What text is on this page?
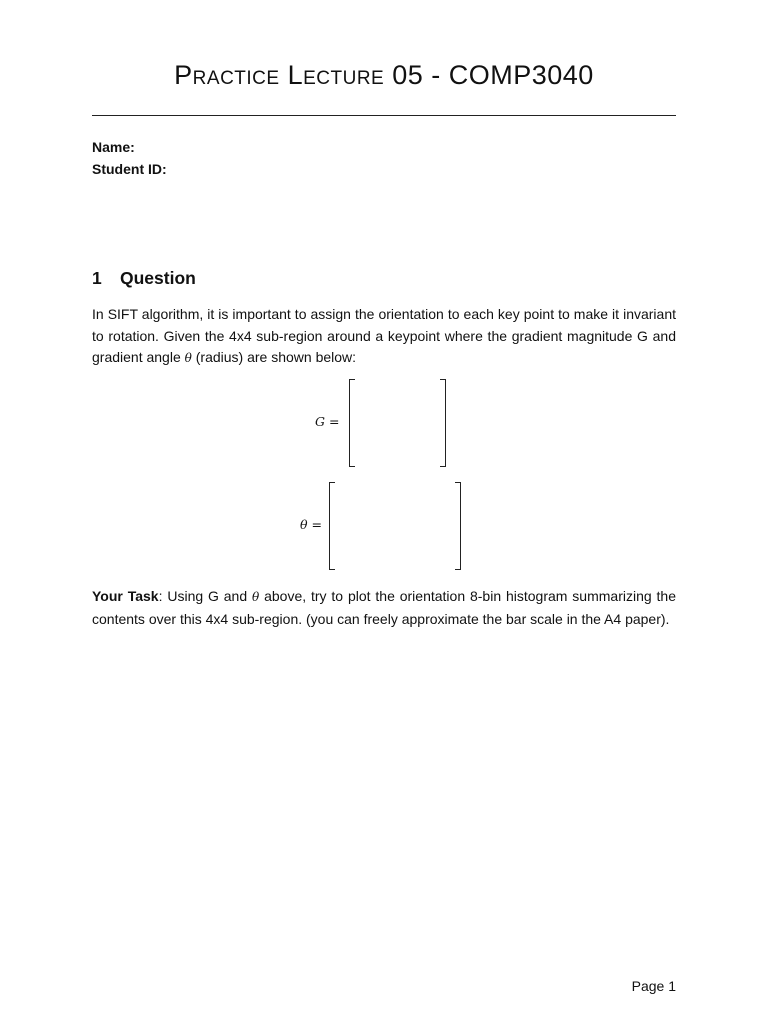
Practice Lecture 05 - COMP3040
Name:
Student ID:
1 Question

In SIFT algorithm, it is important to assign the orientation to each key point to make it invariant to rotation. Given the 4x4 sub-region around a keypoint where the gradient magnitude G and gradient angle θ (radius) are shown below:

G =
θ =

Your Task: Using G and θ above, try to plot the orientation 8-bin histogram summarizing the contents over this 4x4 sub-region. (you can freely approximate the bar scale in the A4 paper).

Page 1
